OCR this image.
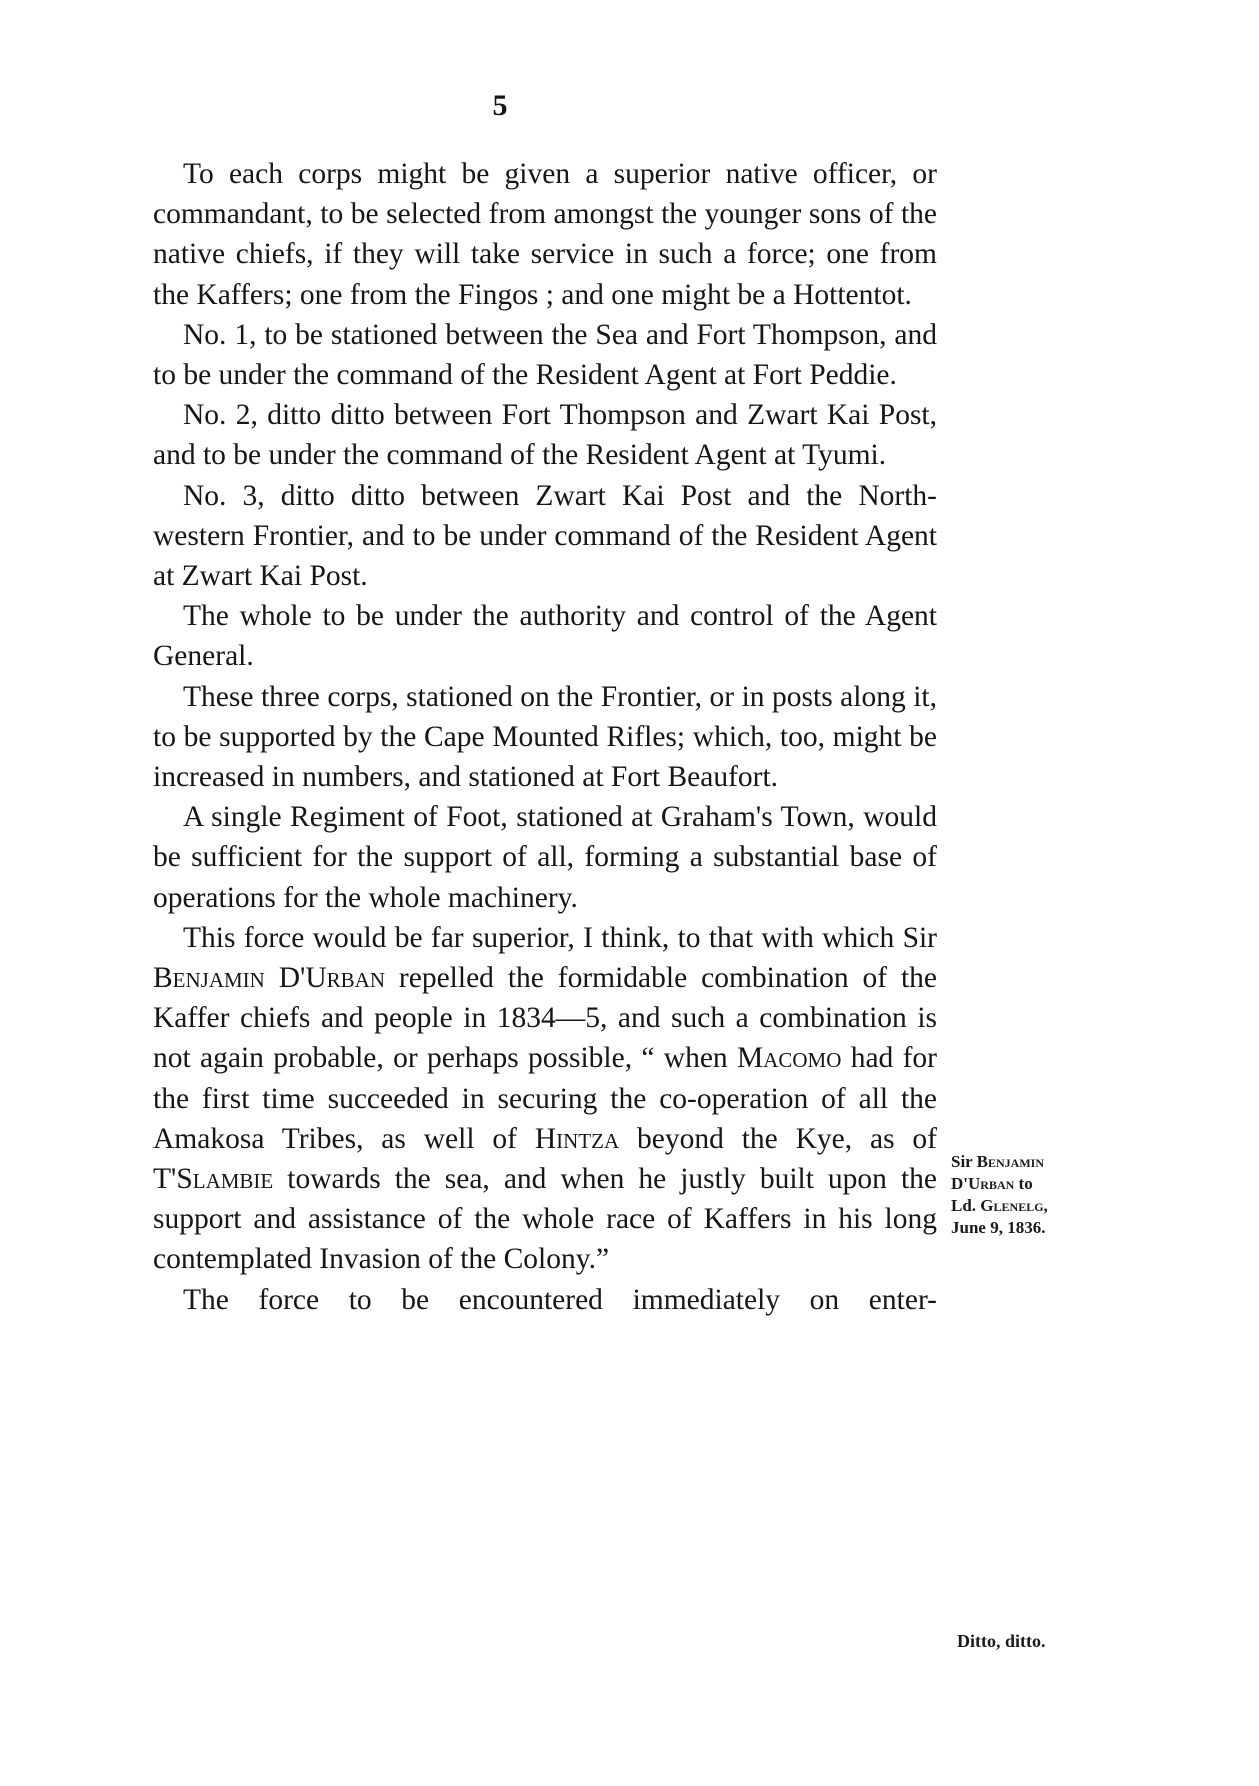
5

To each corps might be given a superior native officer, or commandant, to be selected from amongst the younger sons of the native chiefs, if they will take service in such a force; one from the Kaffers; one from the Fingos ; and one might be a Hottentot.

No. 1, to be stationed between the Sea and Fort Thompson, and to be under the command of the Resident Agent at Fort Peddie.

No. 2, ditto ditto between Fort Thompson and Zwart Kai Post, and to be under the command of the Resident Agent at Tyumi.

No. 3, ditto ditto between Zwart Kai Post and the North-western Frontier, and to be under command of the Resident Agent at Zwart Kai Post.

The whole to be under the authority and control of the Agent General.

These three corps, stationed on the Frontier, or in posts along it, to be supported by the Cape Mounted Rifles; which, too, might be increased in numbers, and stationed at Fort Beaufort.

A single Regiment of Foot, stationed at Graham's Town, would be sufficient for the support of all, forming a substantial base of operations for the whole machinery.

This force would be far superior, I think, to that with which Sir Benjamin D'Urban repelled the formidable combination of the Kaffer chiefs and people in 1834—5, and such a combination is not again probable, or perhaps possible, “ when Macomo had for the first time succeeded in securing the co-operation of all the Amakosa Tribes, as well of Hintza beyond the Kye, as of T'Slambie towards the sea, and when he justly built upon the support and assistance of the whole race of Kaffers in his long contemplated Invasion of the Colony.”

The force to be encountered immediately on enter-

Sir Benjamin
D'Urban to
Ld. Glenelg,
June 9, 1836.
Ditto, ditto.
